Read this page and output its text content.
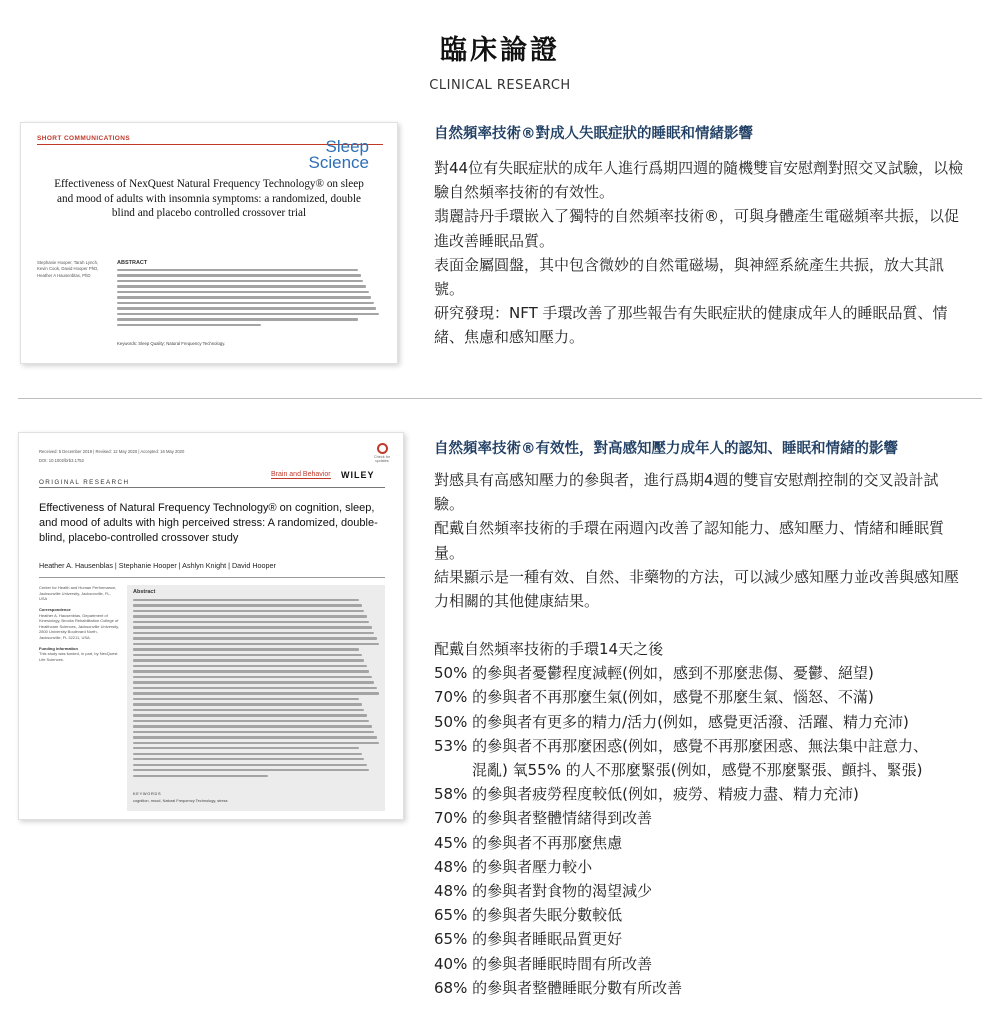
臨床論證
CLINICAL RESEARCH
SHORT COMMUNICATIONS	Sleep
Science
Effectiveness of NexQuest Natural Frequency Technology® on sleep and mood of adults with insomnia symptoms: a randomized, double blind and placebo controlled crossover trial
Stephanie Hooper, Tarah Lynch, Kevin Cook, David Hooper PhD, Heather A Hausenblas, PhD
ABSTRACT
Keywords: Sleep Quality; Natural Frequency Technology.
自然頻率技術®對成人失眠症狀的睡眠和情緒影響

對44位有失眠症狀的成年人進行爲期四週的隨機雙盲安慰劑對照交叉試驗，以檢驗自然頻率技術的有效性。

翡麗詩丹手環嵌入了獨特的自然頻率技術®，可與身體產生電磁頻率共振，以促進改善睡眠品質。

表面金屬圓盤，其中包含微妙的自然電磁場，與神經系統產生共振，放大其訊號。

研究發現：NFT 手環改善了那些報告有失眠症狀的健康成年人的睡眠品質、情緒、焦慮和感知壓力。

Received: 5 December 2019 | Revised: 12 May 2020 | Accepted: 16 May 2020
DOI: 10.1002/brb3.1752
Check for updates
Brain and Behavior WILEY
ORIGINAL RESEARCH
Effectiveness of Natural Frequency Technology® on cognition, sleep, and mood of adults with high perceived stress: A randomized, double-blind, placebo-controlled crossover study
Heather A. Hausenblas | Stephanie Hooper | Ashlyn Knight | David Hooper
Center for Health and Human Performance, Jacksonville University, Jacksonville, FL, USA

Correspondence
Heather A. Hausenblas, Department of Kinesiology, Brooks Rehabilitation College of Healthcare Sciences, Jacksonville University, 2800 University Boulevard North, Jacksonville, FL 32211, USA.

Funding information
This study was funded, in part, by NexQuest Life Sciences.
Abstract
KEYWORDS
cognition, mood, Natural Frequency Technology, stress
自然頻率技術®有效性，對高感知壓力成年人的認知、睡眠和情緒的影響

對感具有高感知壓力的參與者，進行爲期4週的雙盲安慰劑控制的交叉設計試驗。

配戴自然頻率技術的手環在兩週內改善了認知能力、感知壓力、情緒和睡眠質量。

結果顯示是一種有效、自然、非藥物的方法，可以減少感知壓力並改善與感知壓力相關的其他健康結果。

配戴自然頻率技術的手環14天之後

50% 的參與者憂鬱程度減輕(例如，感到不那麼悲傷、憂鬱、絕望)

70% 的參與者不再那麼生氣(例如，感覺不那麼生氣、惱怒、不滿)

50% 的參與者有更多的精力/活力(例如，感覺更活潑、活躍、精力充沛)

53% 的參與者不再那麼困惑(例如，感覺不再那麼困惑、無法集中註意力、

混亂) 氧55% 的人不那麼緊張(例如，感覺不那麼緊張、顫抖、緊張)

58% 的參與者疲勞程度較低(例如，疲勞、精疲力盡、精力充沛)

70% 的參與者整體情緒得到改善

45% 的參與者不再那麼焦慮

48% 的參與者壓力較小

48% 的參與者對食物的渴望減少

65% 的參與者失眠分數較低

65% 的參與者睡眠品質更好

40% 的參與者睡眠時間有所改善

68% 的參與者整體睡眠分數有所改善
